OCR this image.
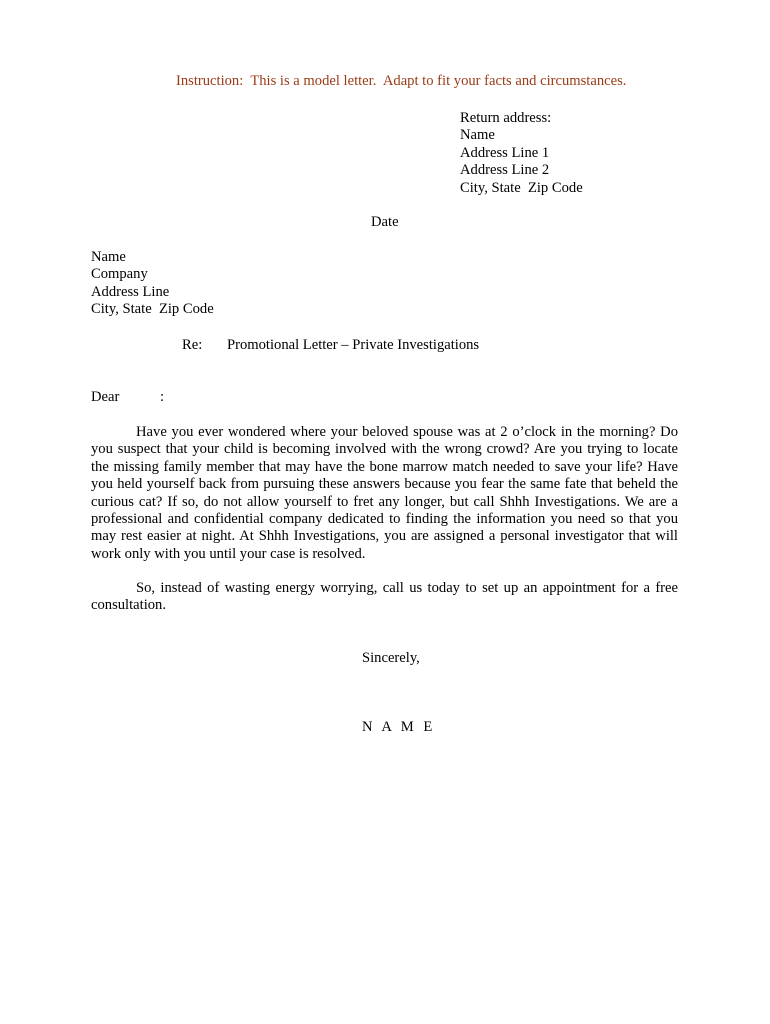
Instruction:  This is a model letter.  Adapt to fit your facts and circumstances.
Return address:
Name
Address Line 1
Address Line 2
City, State  Zip Code
Date
Name
Company
Address Line
City, State  Zip Code
Re: Promotional Letter – Private Investigations
Dear	:
Have you ever wondered where your beloved spouse was at 2 o’clock in the morning? Do you suspect that your child is becoming involved with the wrong crowd? Are you trying to locate the missing family member that may have the bone marrow match needed to save your life? Have you held yourself back from pursuing these answers because you fear the same fate that beheld the curious cat? If so, do not allow yourself to fret any longer, but call Shhh Investigations. We are a professional and confidential company dedicated to finding the information you need so that you may rest easier at night. At Shhh Investigations, you are assigned a personal investigator that will work only with you until your case is resolved.
So, instead of wasting energy worrying, call us today to set up an appointment for a free consultation.
Sincerely,
N A M E
